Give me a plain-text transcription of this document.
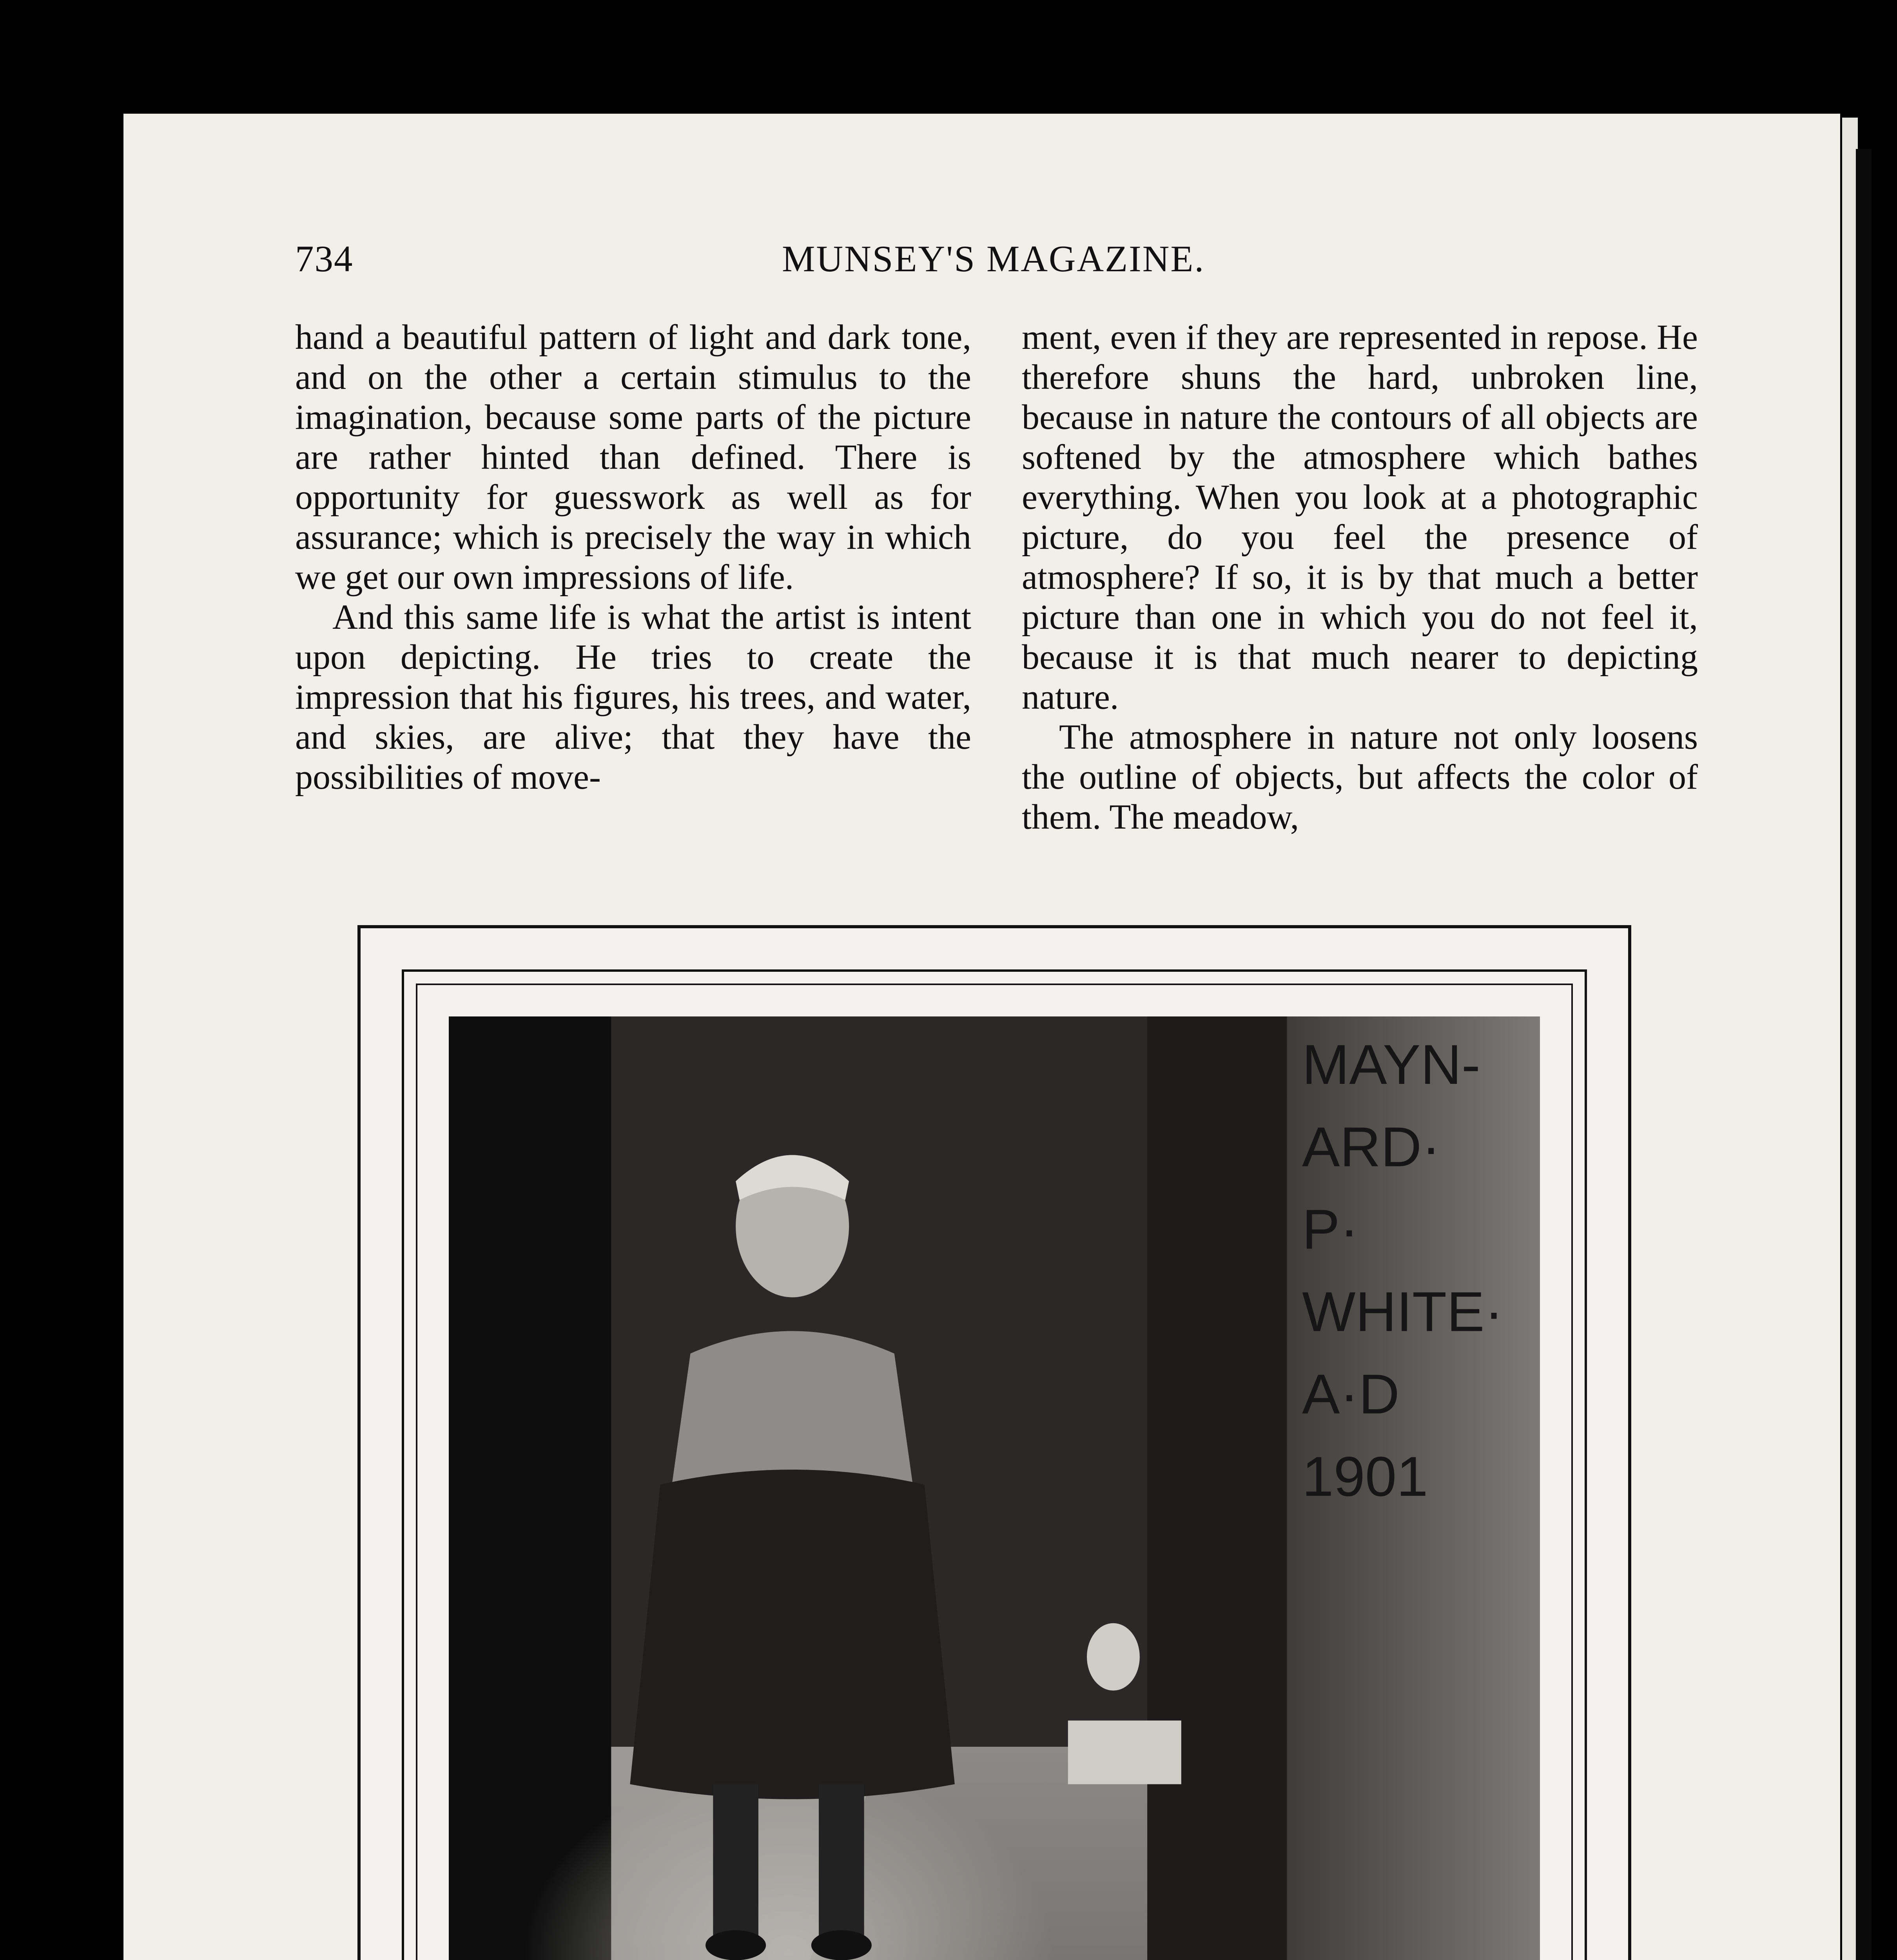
734	MUNSEY'S MAGAZINE.

hand a beautiful pattern of light and dark tone, and on the other a certain stimulus to the imagination, because some parts of the picture are rather hinted than defined. There is opportunity for guesswork as well as for assurance; which is precisely the way in which we get our own impressions of life.

And this same life is what the artist is intent upon depicting. He tries to create the impression that his figures, his trees, and water, and skies, are alive; that they have the possibilities of move-

ment, even if they are represented in repose. He therefore shuns the hard, unbroken line, because in nature the contours of all objects are softened by the atmosphere which bathes everything. When you look at a photographic picture, do you feel the presence of atmosphere? If so, it is by that much a better picture than one in which you do not feel it, because it is that much nearer to depicting nature.

The atmosphere in nature not only loosens the outline of objects, but affects the color of them. The meadow,

MAYN-
ARD·
P·
WHITE·
A·D
1901
